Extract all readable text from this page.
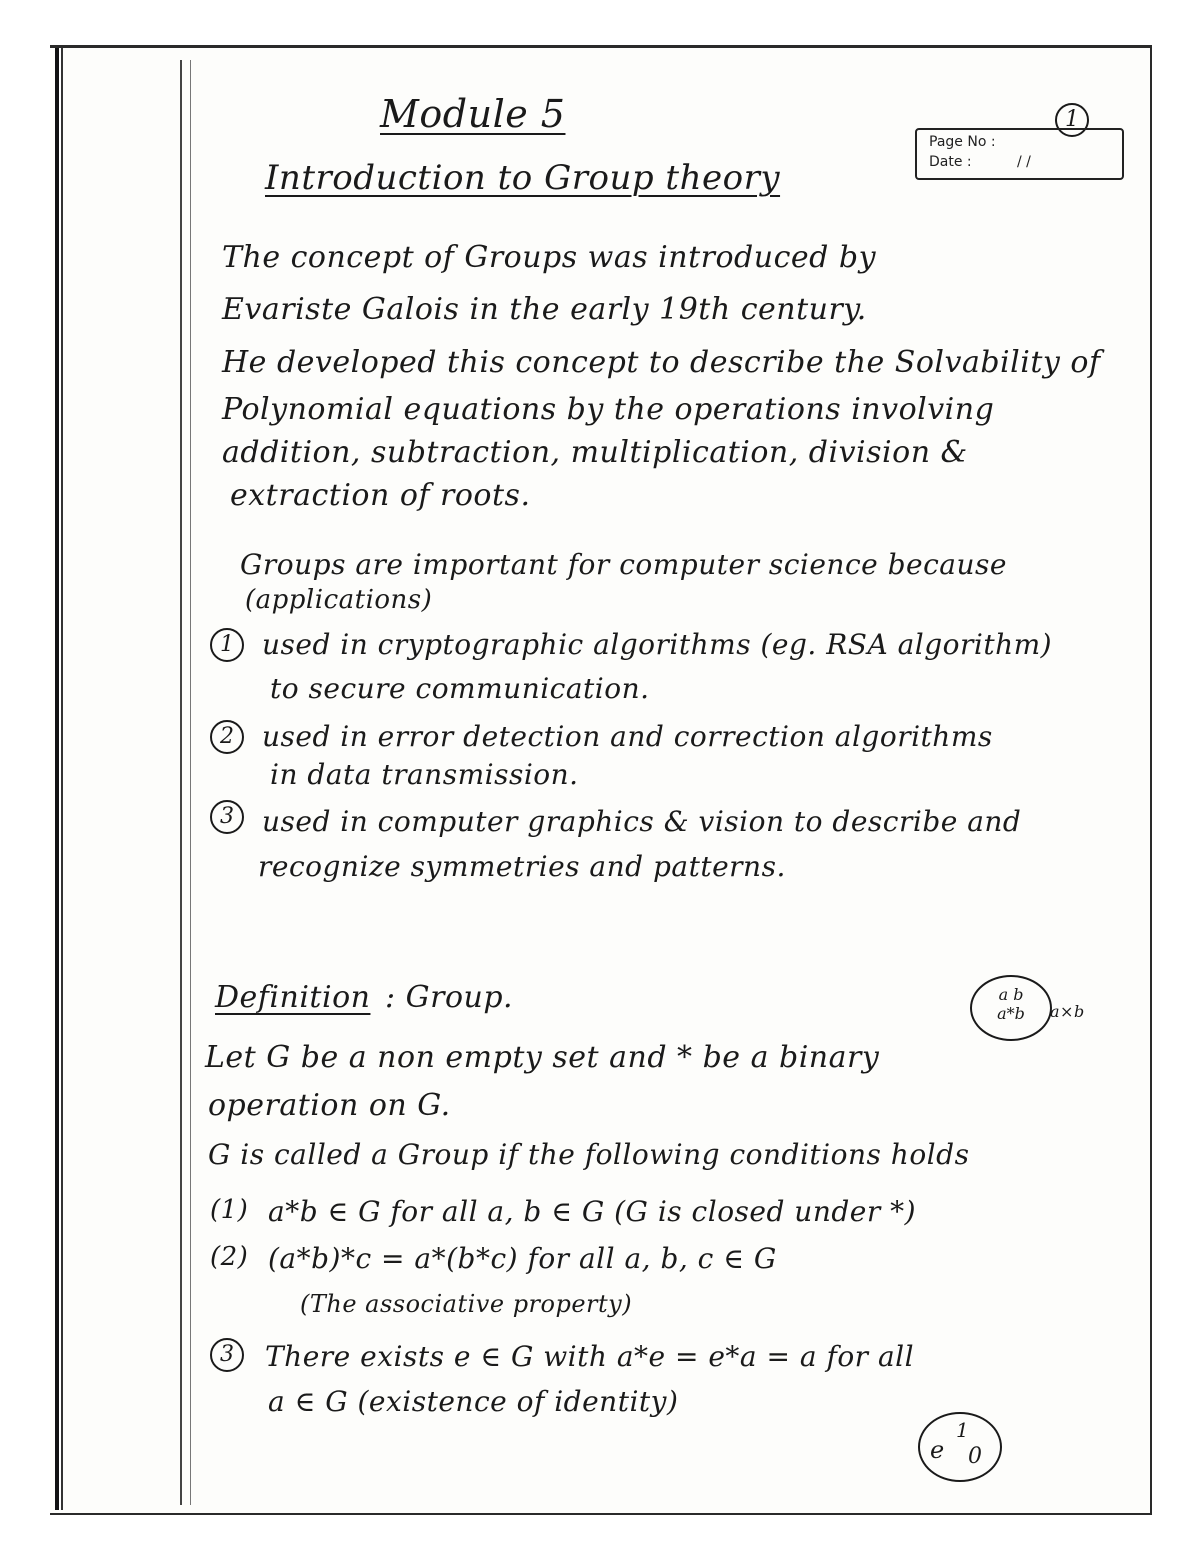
Module 5	1
Page No :
Date :	/ /
Introduction to Group theory
The concept of Groups was introduced by
Evariste Galois in the early 19th century.
He developed this concept to describe the Solvability of
Polynomial equations by the operations involving
addition, subtraction, multiplication, division &
extraction of roots.
Groups are important for computer science because
(applications)
1	used in cryptographic algorithms (eg. RSA algorithm)
to secure communication.
2	used in error detection and correction algorithms
in data transmission.
3	used in computer graphics & vision to describe and
recognize symmetries and patterns.
Definition : Group.	a b
a*b	a×b
Let G be a non empty set and * be a binary
operation on G.
G is called a Group if the following conditions holds
(1) a*b ∈ G for all a, b ∈ G (G is closed under *)
(2) (a*b)*c = a*(b*c) for all a, b, c ∈ G
(The associative property)
3	There exists e ∈ G with a*e = e*a = a for all
a ∈ G (existence of identity)
1
e 0
